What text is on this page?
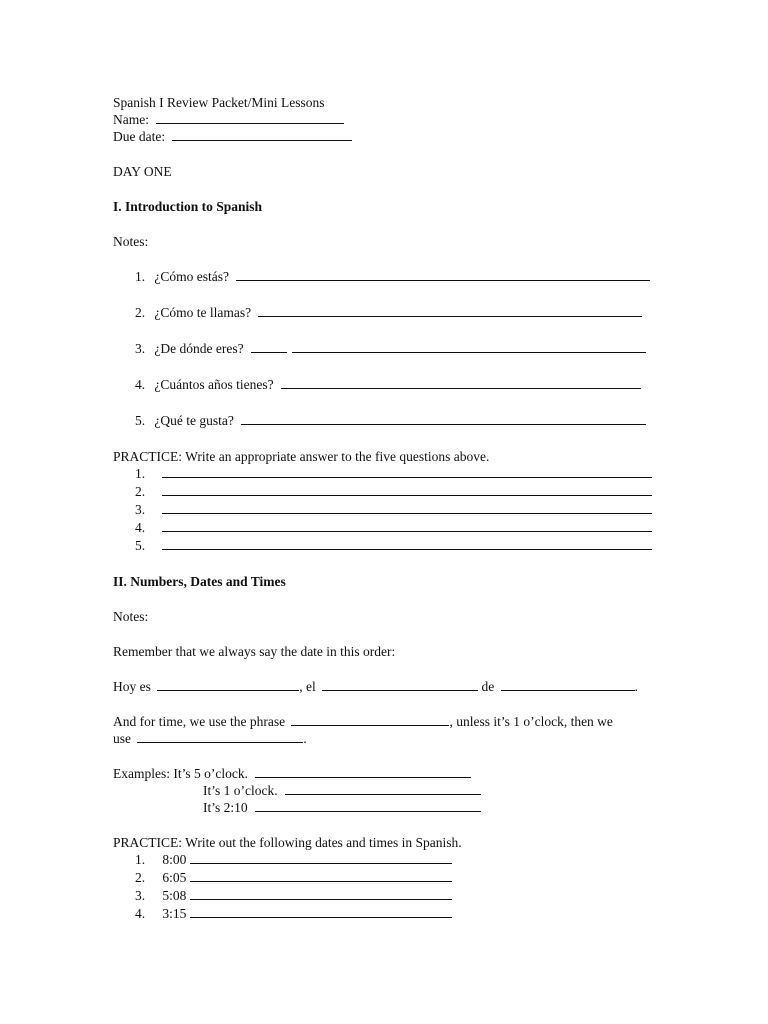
Spanish I Review Packet/Mini Lessons
Name:
Due date:
DAY ONE
I. Introduction to Spanish
Notes:
1. ¿Cómo estás?
2. ¿Cómo te llamas?
3. ¿De dónde eres?
4. ¿Cuántos años tienes?
5. ¿Qué te gusta?
PRACTICE: Write an appropriate answer to the five questions above.
1.
2.
3.
4.
5.
II. Numbers, Dates and Times
Notes:
Remember that we always say the date in this order:
Hoy es	, el	de	.
And for time, we use the phrase	, unless it’s 1 o’clock, then we
use	.
Examples: It’s 5 o’clock.
It’s 1 o’clock.
It’s 2:10
PRACTICE: Write out the following dates and times in Spanish.
1. 8:00
2. 6:05
3. 5:08
4. 3:15
